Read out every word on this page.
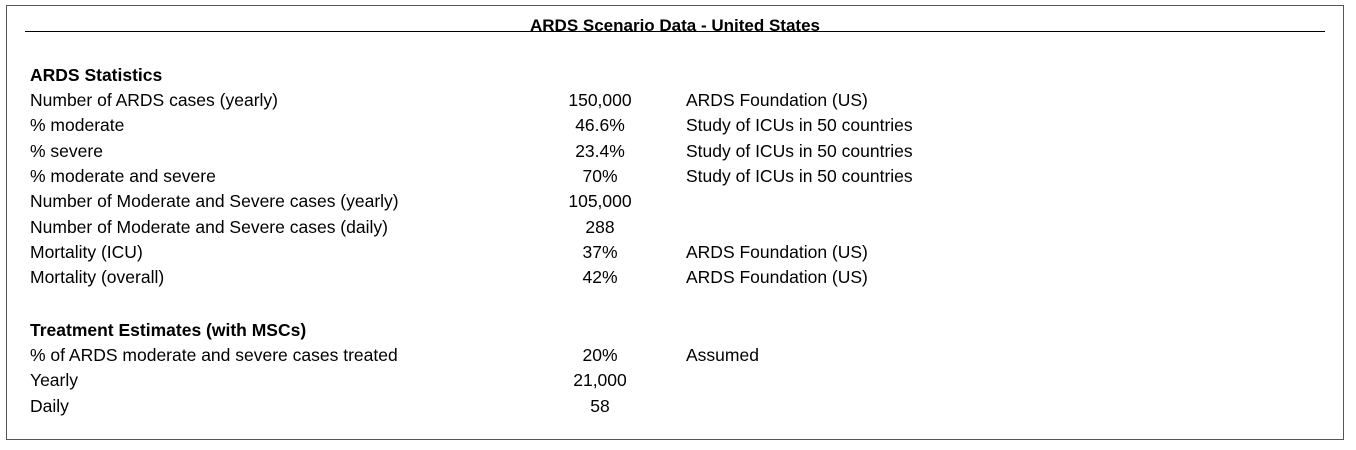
ARDS Scenario Data - United States
ARDS Statistics
Number of ARDS cases (yearly)	150,000	ARDS Foundation (US)
% moderate	46.6%	Study of ICUs in 50 countries
% severe	23.4%	Study of ICUs in 50 countries
% moderate and severe	70%	Study of ICUs in 50 countries
Number of Moderate and Severe cases (yearly)	105,000
Number of Moderate and Severe cases (daily)	288
Mortality (ICU)	37%	ARDS Foundation (US)
Mortality (overall)	42%	ARDS Foundation (US)
Treatment Estimates (with MSCs)
% of ARDS moderate and severe cases treated	20%	Assumed
Yearly	21,000
Daily	58
